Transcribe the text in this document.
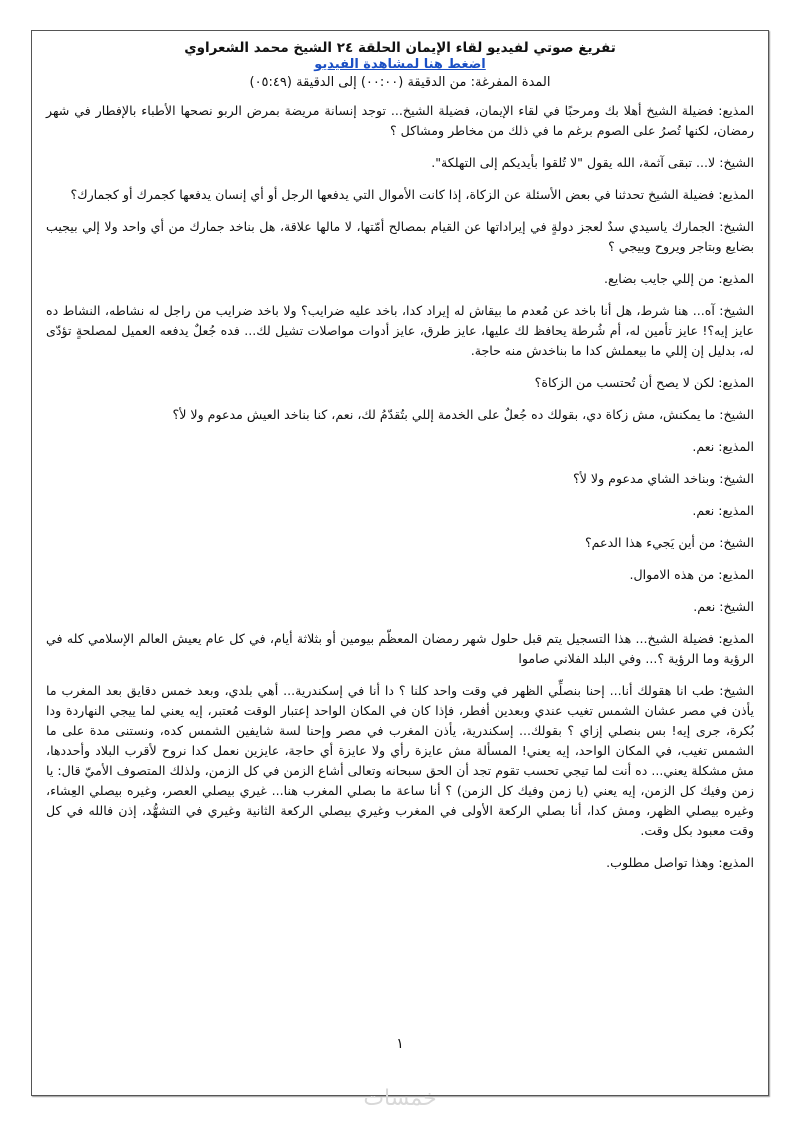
تفريغ صوتي لفيديو لقاء الإيمان الحلقة ٢٤ الشيخ محمد الشعراوي
اضغط هنا لمشاهدة الفيديو
المدة المفرغة: من الدقيقة (٠٠:٠٠) إلى الدقيقة (٠٥:٤٩)

المذيع: فضيلة الشيخ أهلا بك ومرحبًا في لقاء الإيمان، فضيلة الشيخ... توجد إنسانة مريضة بمرض الربو نصحها الأطباء بالإفطار في شهر رمضان، لكنها تُصرُ على الصوم برغم ما في ذلك من مخاطر ومشاكل ؟

الشيخ: لا... تبقى آثمة، الله يقول "لا تُلقوا بأيديكم إلى التهلكة".

المذيع: فضيلة الشيخ تحدثنا في بعض الأسئلة عن الزكاة، إذا كانت الأموال التي يدفعها الرجل أو أي إنسان يدفعها كجمرك أو كجمارك؟

الشيخ: الجمارك ياسيدي سدٌ لعجز دولةٍ في إيراداتها عن القيام بمصالح أمّتها، لا مالها علاقة، هل بناخد جمارك من أي واحد ولا إلي بيجيب بضايع وبتاجر ويروح وييجي ؟

المذيع: من إللي جايب بضايع.

الشيخ: آه... هنا شرط، هل أنا باخد عن مُعدم ما بيقاش له إيراد كدا، باخد عليه ضرايب؟ ولا باخد ضرايب من راجل له نشاطه، النشاط ده عايز إيه؟! عايز تأمين له، أم شُرطة يحافظ لك عليها، عايز طرق، عايز أدوات مواصلات تشيل لك... فده جُعلٌ يدفعه العميل لمصلحةٍ تؤدّى له، بدليل إن إللي ما بيعملش كدا ما بناخدش منه حاجة.

المذيع: لكن لا يصح أن تُحتسب من الزكاة؟

الشيخ: ما يمكنش، مش زكاة دي، بقولك ده جُعلٌ على الخدمة إللي بتُقدّمُ لك، نعم، كنا بناخد العيش مدعوم ولا لأ؟

المذيع: نعم.

الشيخ: وبناخد الشاي مدعوم ولا لأ؟

المذيع: نعم.

الشيخ: من أين يَجيء هذا الدعم؟

المذيع: من هذه الاموال.

الشيخ: نعم.

المذيع: فضيلة الشيخ... هذا التسجيل يتم قبل حلول شهر رمضان المعظّم بيومين أو بثلاثة أيام، في كل عام يعيش العالم الإسلامي كله في الرؤية وما الرؤية ؟... وفي البلد الفلاني صاموا

الشيخ: طب انا هقولك أنا... إحنا بنصلِّي الظهر في وقت واحد كلنا ؟ دا أنا في إسكندرية... أهي بلدي، وبعد خمس دقايق بعد المغرب ما يأذن في مصر عشان الشمس تغيب عندي وبعدين أفطر، فإذا كان في المكان الواحد إعتبار الوقت مُعتبر، إيه يعني لما ييجي النهاردة ودا بُكرة، جرى إيه! بس بنصلي إزاي ؟ بقولك... إسكندرية، يأذن المغرب في مصر وإحنا لسة شايفين الشمس كده، ونستنى مدة على ما الشمس تغيب، في المكان الواحد، إيه يعني! المسألة مش عايزة رأي ولا عايزة أي حاجة، عايزين نعمل كدا نروح لأقرب البلاد وأحددها، مش مشكلة يعني... ده أنت لما تيجي تحسب تقوم تجد أن الحق سبحانه وتعالى أشاع الزمن في كل الزمن، ولذلك المتصوف الأميّ قال: يا زمن وفيك كل الزمن، إيه يعني (يا زمن وفيك كل الزمن) ؟ أنا ساعة ما بصلي المغرب هنا... غيري بيصلي العصر، وغيره بيصلي العِشاء، وغيره بيصلي الظهر، ومش كدا، أنا بصلي الركعة الأولى في المغرب وغيري بيصلي الركعة الثانية وغيري في التشهُّد، إذن فالله في كل وقت معبود بكل وقت.

المذيع: وهذا تواصل مطلوب.

١
خمسات
